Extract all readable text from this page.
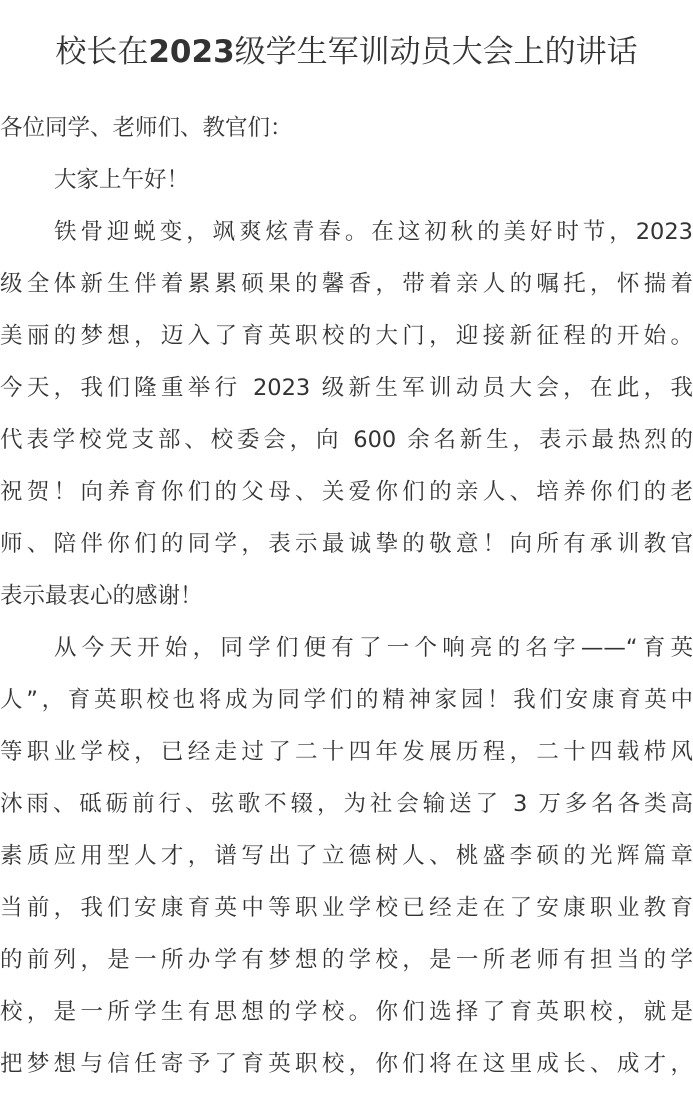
校长在2023级学生军训动员大会上的讲话

各位同学、老师们、教官们：

大家上午好！

铁骨迎蜕变，飒爽炫青春。在这初秋的美好时节，2023

级全体新生伴着累累硕果的馨香，带着亲人的嘱托，怀揣着

美丽的梦想，迈入了育英职校的大门，迎接新征程的开始。

今天，我们隆重举行 2023 级新生军训动员大会，在此，我

代表学校党支部、校委会，向 600 余名新生，表示最热烈的

祝贺！向养育你们的父母、关爱你们的亲人、培养你们的老

师、陪伴你们的同学，表示最诚挚的敬意！向所有承训教官

表示最衷心的感谢！

从今天开始，同学们便有了一个响亮的名字——“育英

人”，育英职校也将成为同学们的精神家园！我们安康育英中

等职业学校，已经走过了二十四年发展历程，二十四载栉风

沐雨、砥砺前行、弦歌不辍，为社会输送了 3 万多名各类高

素质应用型人才，谱写出了立德树人、桃盛李硕的光辉篇章

当前，我们安康育英中等职业学校已经走在了安康职业教育

的前列，是一所办学有梦想的学校，是一所老师有担当的学

校，是一所学生有思想的学校。你们选择了育英职校，就是

把梦想与信任寄予了育英职校，你们将在这里成长、成才，
